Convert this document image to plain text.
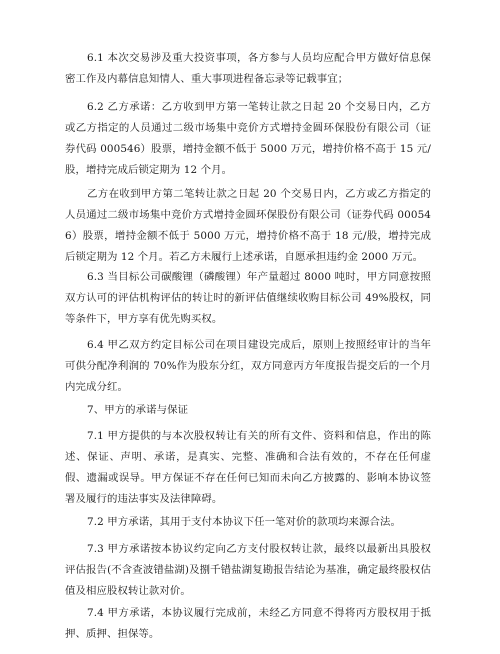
6.1 本次交易涉及重大投资事项，各方参与人员均应配合甲方做好信息保密工作及内幕信息知情人、重大事项进程备忘录等记载事宜；

6.2 乙方承诺：乙方收到甲方第一笔转让款之日起 20 个交易日内，乙方或乙方指定的人员通过二级市场集中竞价方式增持金圆环保股份有限公司（证券代码 000546）股票，增持金额不低于 5000 万元，增持价格不高于 15 元/股，增持完成后锁定期为 12 个月。

乙方在收到甲方第二笔转让款之日起 20 个交易日内，乙方或乙方指定的人员通过二级市场集中竞价方式增持金圆环保股份有限公司（证券代码 000546）股票，增持金额不低于 5000 万元，增持价格不高于 18 元/股，增持完成后锁定期为 12 个月。若乙方未履行上述承诺，自愿承担违约金 2000 万元。

6.3 当目标公司碳酸锂（磷酸锂）年产量超过 8000 吨时，甲方同意按照双方认可的评估机构评估的转让时的新评估值继续收购目标公司 49%股权，同等条件下，甲方享有优先购买权。

6.4 甲乙双方约定目标公司在项目建设完成后，原则上按照经审计的当年可供分配净利润的 70%作为股东分红，双方同意丙方年度报告提交后的一个月内完成分红。

7、甲方的承诺与保证

7.1 甲方提供的与本次股权转让有关的所有文件、资料和信息，作出的陈述、保证、声明、承诺，是真实、完整、准确和合法有效的，不存在任何虚假、遗漏或误导。甲方保证不存在任何已知而未向乙方披露的、影响本协议签署及履行的违法事实及法律障碍。

7.2 甲方承诺，其用于支付本协议下任一笔对价的款项均来源合法。

7.3 甲方承诺按本协议约定向乙方支付股权转让款，最终以最新出具股权评估报告(不含查波错盐湖)及捌千错盐湖复勘报告结论为基准，确定最终股权估值及相应股权转让款对价。

7.4 甲方承诺，本协议履行完成前，未经乙方同意不得将丙方股权用于抵押、质押、担保等。
